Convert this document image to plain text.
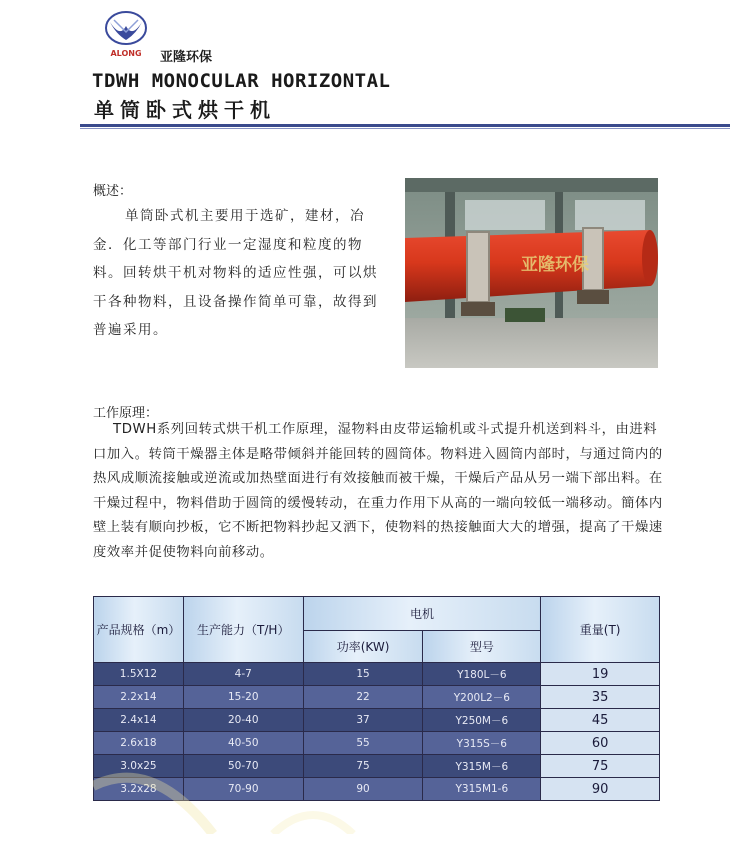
ALONG 亚隆环保
TDWH MONOCULAR HORIZONTAL
单筒卧式烘干机
概述：
单筒卧式机主要用于选矿，建材，冶金．化工等部门行业一定湿度和粒度的物料。回转烘干机对物料的适应性强，可以烘干各种物料，且设备操作简单可靠，故得到普遍采用。
亚隆环保
工作原理：
TDWH系列回转式烘干机工作原理，湿物料由皮带运输机或斗式提升机送到料斗，由进料口加入。转筒干燥器主体是略带倾斜并能回转的圆筒体。物料进入圆筒内部时，与通过筒内的热风成顺流接触或逆流或加热壁面进行有效接触而被干燥，干燥后产品从另一端下部出料。在干燥过程中，物料借助于圆筒的缓慢转动，在重力作用下从高的一端向较低一端移动。簡体内壁上装有顺向抄板，它不断把物料抄起又洒下，使物料的热接触面大大的增强，提高了干燥速度效率并促使物料向前移动。
产品规格（m）	生产能力（T/H）	电机		重量(T)
		功率(KW)	型号	
1.5X12	4-7	15	Y180L－6	19
2.2x14	15-20	22	Y200L2－6	35
2.4x14	20-40	37	Y250M－6	45
2.6x18	40-50	55	Y315S－6	60
3.0x25	50-70	75	Y315M－6	75
3.2x28	70-90	90	Y315M1-6	90
